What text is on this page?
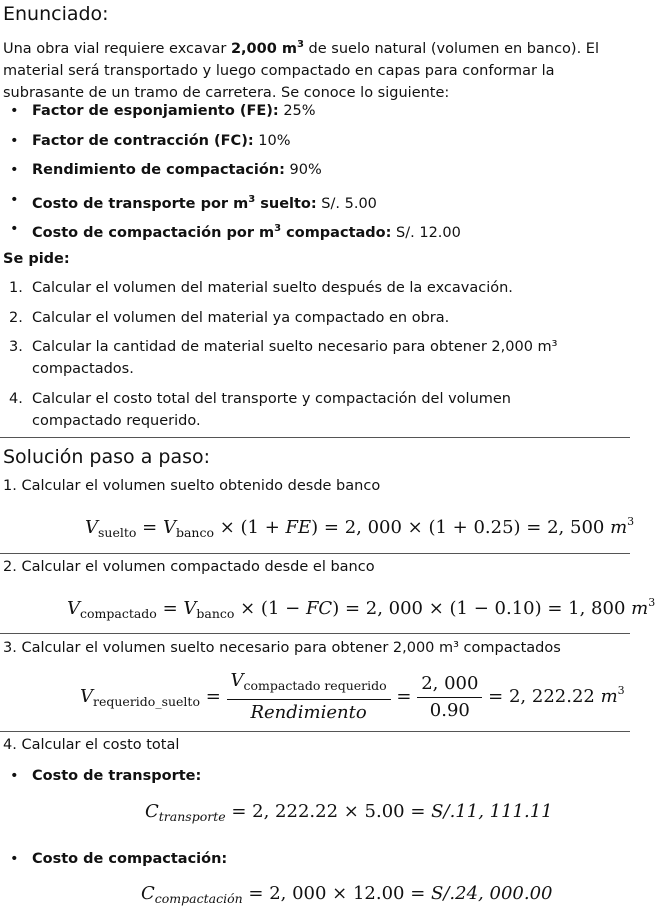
Enunciado:
Una obra vial requiere excavar 2,000 $m^3$ de suelo natural (volumen en banco). El material será transportado y luego compactado en capas para conformar la subrasante de un tramo de carretera. Se conoce lo siguiente:
• Factor de esponjamiento (FE): 25%
• Factor de contracción (FC): 10%
• Rendimiento de compactación: 90%
• Costo de transporte por $m^3$ suelto: S/. 5.00
• Costo de compactación por $m^3$ compactado: S/. 12.00
Se pide:
1. Calcular el volumen del material suelto después de la excavación.
2. Calcular el volumen del material ya compactado en obra.
3. Calcular la cantidad de material suelto necesario para obtener 2,000 m³ compactados.
4. Calcular el costo total del transporte y compactación del volumen compactado requerido.
Solución paso a paso:
1. Calcular el volumen suelto obtenido desde banco
$V_{suelto} = V_{banco} \times (1 + FE) = 2$, 000 × (1 + 0.25) = 2, 500 $m^3$
2. Calcular el volumen compactado desde el banco
$V_{compactado} = V_{banco} \times (1 - FC) = 2$, 000 × (1 − 0.10) = 1, 800 $m^3$
3. Calcular el volumen suelto necesario para obtener 2,000 m³ compactados
$V_{requerido\_suelto} = \frac{V_{compactado requerido}}{\text{Rendimiento}} = \frac{2, 000}{0.90} = 2$, 222.22 $m^3$
4. Calcular el costo total
• Costo de transporte:
$C_{transporte} = 2$, 222.22 × 5.00 = S/.11, 111.11
• Costo de compactación:
$C_{compactación} = 2$, 000 × 12.00 = S/.24, 000.00
